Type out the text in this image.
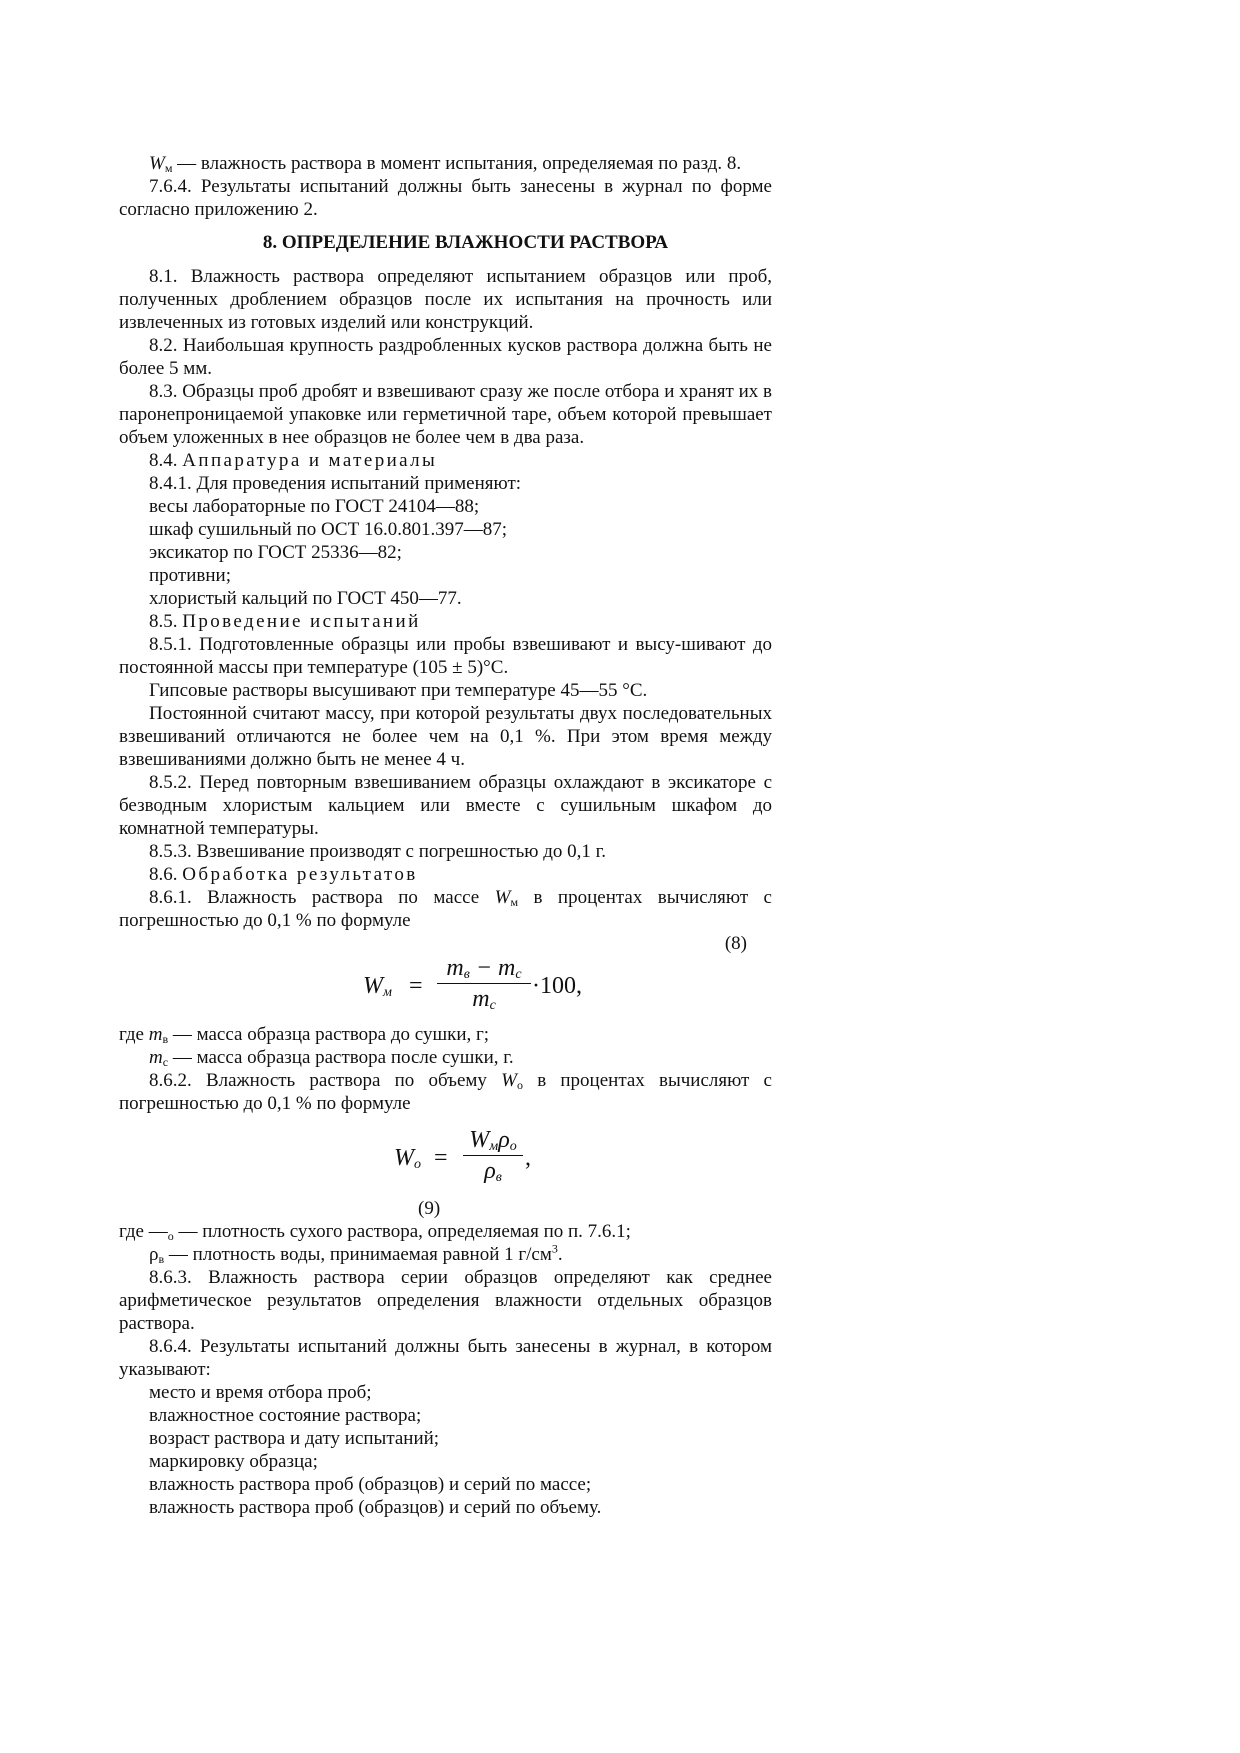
$W_м$ — влажность раствора в момент испытания, определяемая по разд. 8.

7.6.4. Результаты испытаний должны быть занесены в журнал по форме согласно приложению 2.

8. ОПРЕДЕЛЕНИЕ ВЛАЖНОСТИ РАСТВОРА

8.1. Влажность раствора определяют испытанием образцов или проб, полученных дроблением образцов после их испытания на прочность или извлеченных из готовых изделий или конструкций.

8.2. Наибольшая крупность раздробленных кусков раствора должна быть не более 5 мм.

8.3. Образцы проб дробят и взвешивают сразу же после отбора и хранят их в паронепроницаемой упаковке или герметичной таре, объем которой превышает объем уложенных в нее образцов не более чем в два раза.

8.4. Аппаратура и материалы

8.4.1. Для проведения испытаний применяют:

весы лабораторные по ГОСТ 24104—88;

шкаф сушильный по ОСТ 16.0.801.397—87;

эксикатор по ГОСТ 25336—82;

противни;

хлористый кальций по ГОСТ 450—77.

8.5. Проведение испытаний

8.5.1. Подготовленные образцы или пробы взвешивают и высу-шивают до постоянной массы при температуре (105 ± 5)°С.

Гипсовые растворы высушивают при температуре 45—55 °С.

Постоянной считают массу, при которой результаты двух последовательных взвешиваний отличаются не более чем на 0,1 %. При этом время между взвешиваниями должно быть не менее 4 ч.

8.5.2. Перед повторным взвешиванием образцы охлаждают в эксикаторе с безводным хлористым кальцием или вместе с сушильным шкафом до комнатной температуры.

8.5.3. Взвешивание производят с погрешностью до 0,1 г.

8.6. Обработка результатов

8.6.1. Влажность раствора по массе $W_м$ в процентах вычисляют с погрешностью до 0,1 % по формуле

(8)
$W_м$ =
$m_в - m_с$
$m_с$
·100,

где $m_в$ — масса образца раствора до сушки, г;

$m_с$ — масса образца раствора после сушки, г.

8.6.2. Влажность раствора по объему $W_о$ в процентах вычисляют с погрешностью до 0,1 % по формуле

$W_о$ =
$W_м\rho_о$
$\rho_в$
,

(9)

где $—_о$ — плотность сухого раствора, определяемая по п. 7.6.1;

$\rho_в$ — плотность воды, принимаемая равной 1 $г/см^3$.

8.6.3. Влажность раствора серии образцов определяют как среднее арифметическое результатов определения влажности отдельных образцов раствора.

8.6.4. Результаты испытаний должны быть занесены в журнал, в котором указывают:

место и время отбора проб;

влажностное состояние раствора;

возраст раствора и дату испытаний;

маркировку образца;

влажность раствора проб (образцов) и серий по массе;

влажность раствора проб (образцов) и серий по объему.
